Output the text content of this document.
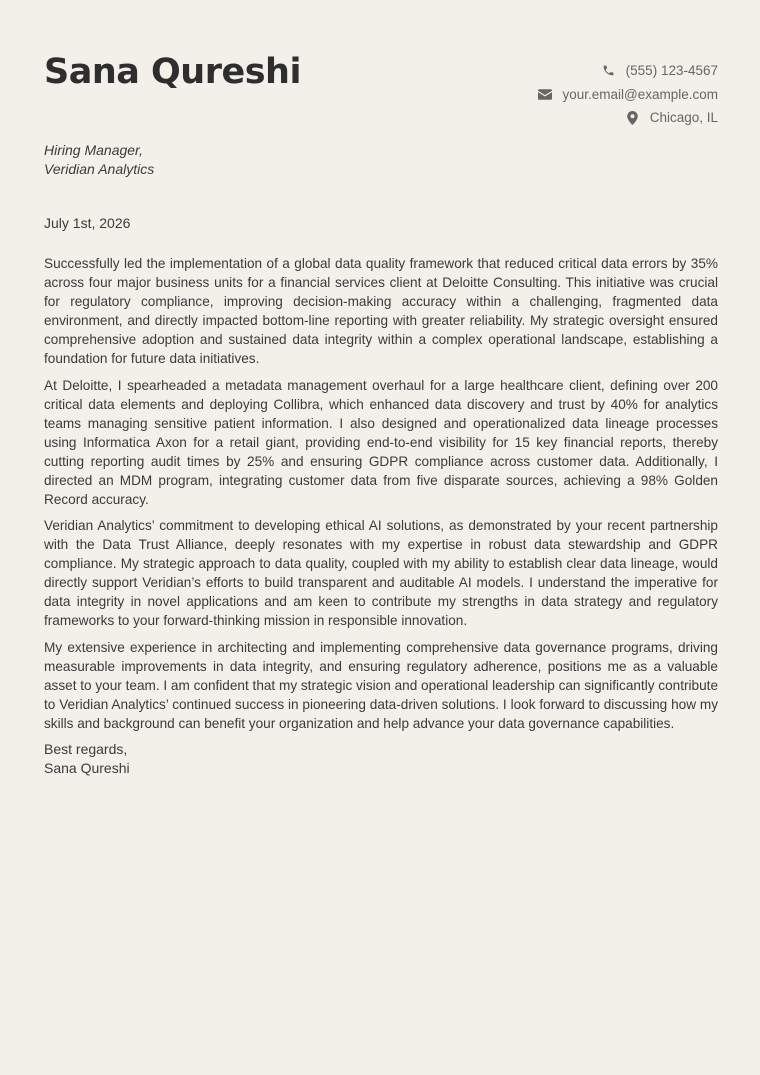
Sana Qureshi	(555) 123-4567
your.email@example.com
Chicago, IL
Hiring Manager,
Veridian Analytics
July 1st, 2026

Successfully led the implementation of a global data quality framework that reduced critical data errors by 35% across four major business units for a financial services client at Deloitte Consulting. This initiative was crucial for regulatory compliance, improving decision-making accuracy within a challenging, fragmented data environment, and directly impacted bottom-line reporting with greater reliability. My strategic oversight ensured comprehensive adoption and sustained data integrity within a complex operational landscape, establishing a foundation for future data initiatives.

At Deloitte, I spearheaded a metadata management overhaul for a large healthcare client, defining over 200 critical data elements and deploying Collibra, which enhanced data discovery and trust by 40% for analytics teams managing sensitive patient information. I also designed and operationalized data lineage processes using Informatica Axon for a retail giant, providing end-to-end visibility for 15 key financial reports, thereby cutting reporting audit times by 25% and ensuring GDPR compliance across customer data. Additionally, I directed an MDM program, integrating customer data from five disparate sources, achieving a 98% Golden Record accuracy.

Veridian Analytics’ commitment to developing ethical AI solutions, as demonstrated by your recent partnership with the Data Trust Alliance, deeply resonates with my expertise in robust data stewardship and GDPR compliance. My strategic approach to data quality, coupled with my ability to establish clear data lineage, would directly support Veridian’s efforts to build transparent and auditable AI models. I understand the imperative for data integrity in novel applications and am keen to contribute my strengths in data strategy and regulatory frameworks to your forward-thinking mission in responsible innovation.

My extensive experience in architecting and implementing comprehensive data governance programs, driving measurable improvements in data integrity, and ensuring regulatory adherence, positions me as a valuable asset to your team. I am confident that my strategic vision and operational leadership can significantly contribute to Veridian Analytics’ continued success in pioneering data-driven solutions. I look forward to discussing how my skills and background can benefit your organization and help advance your data governance capabilities.

Best regards,
Sana Qureshi
